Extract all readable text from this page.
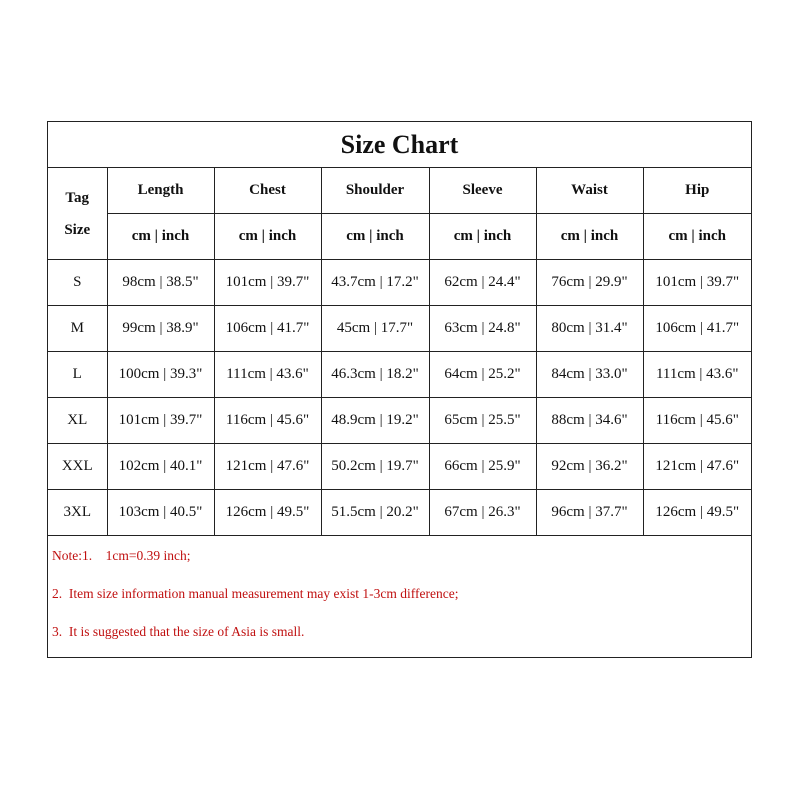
Size Chart
Tag
Size	Length	Chest	Shoulder	Sleeve	Waist	Hip
	cm | inch	cm | inch	cm | inch	cm | inch	cm | inch	cm | inch
S	98cm | 38.5"	101cm | 39.7"	43.7cm | 17.2"	62cm | 24.4"	76cm | 29.9"	101cm | 39.7"
M	99cm | 38.9"	106cm | 41.7"	45cm | 17.7"	63cm | 24.8"	80cm | 31.4"	106cm | 41.7"
L	100cm | 39.3"	111cm | 43.6"	46.3cm | 18.2"	64cm | 25.2"	84cm | 33.0"	111cm | 43.6"
XL	101cm | 39.7"	116cm | 45.6"	48.9cm | 19.2"	65cm | 25.5"	88cm | 34.6"	116cm | 45.6"
XXL	102cm | 40.1"	121cm | 47.6"	50.2cm | 19.7"	66cm | 25.9"	92cm | 36.2"	121cm | 47.6"
3XL	103cm | 40.5"	126cm | 49.5"	51.5cm | 20.2"	67cm | 26.3"	96cm | 37.7"	126cm | 49.5"
Note:1.    1cm=0.39 inch;
2.  Item size information manual measurement may exist 1-3cm difference;
3.  It is suggested that the size of Asia is small.
